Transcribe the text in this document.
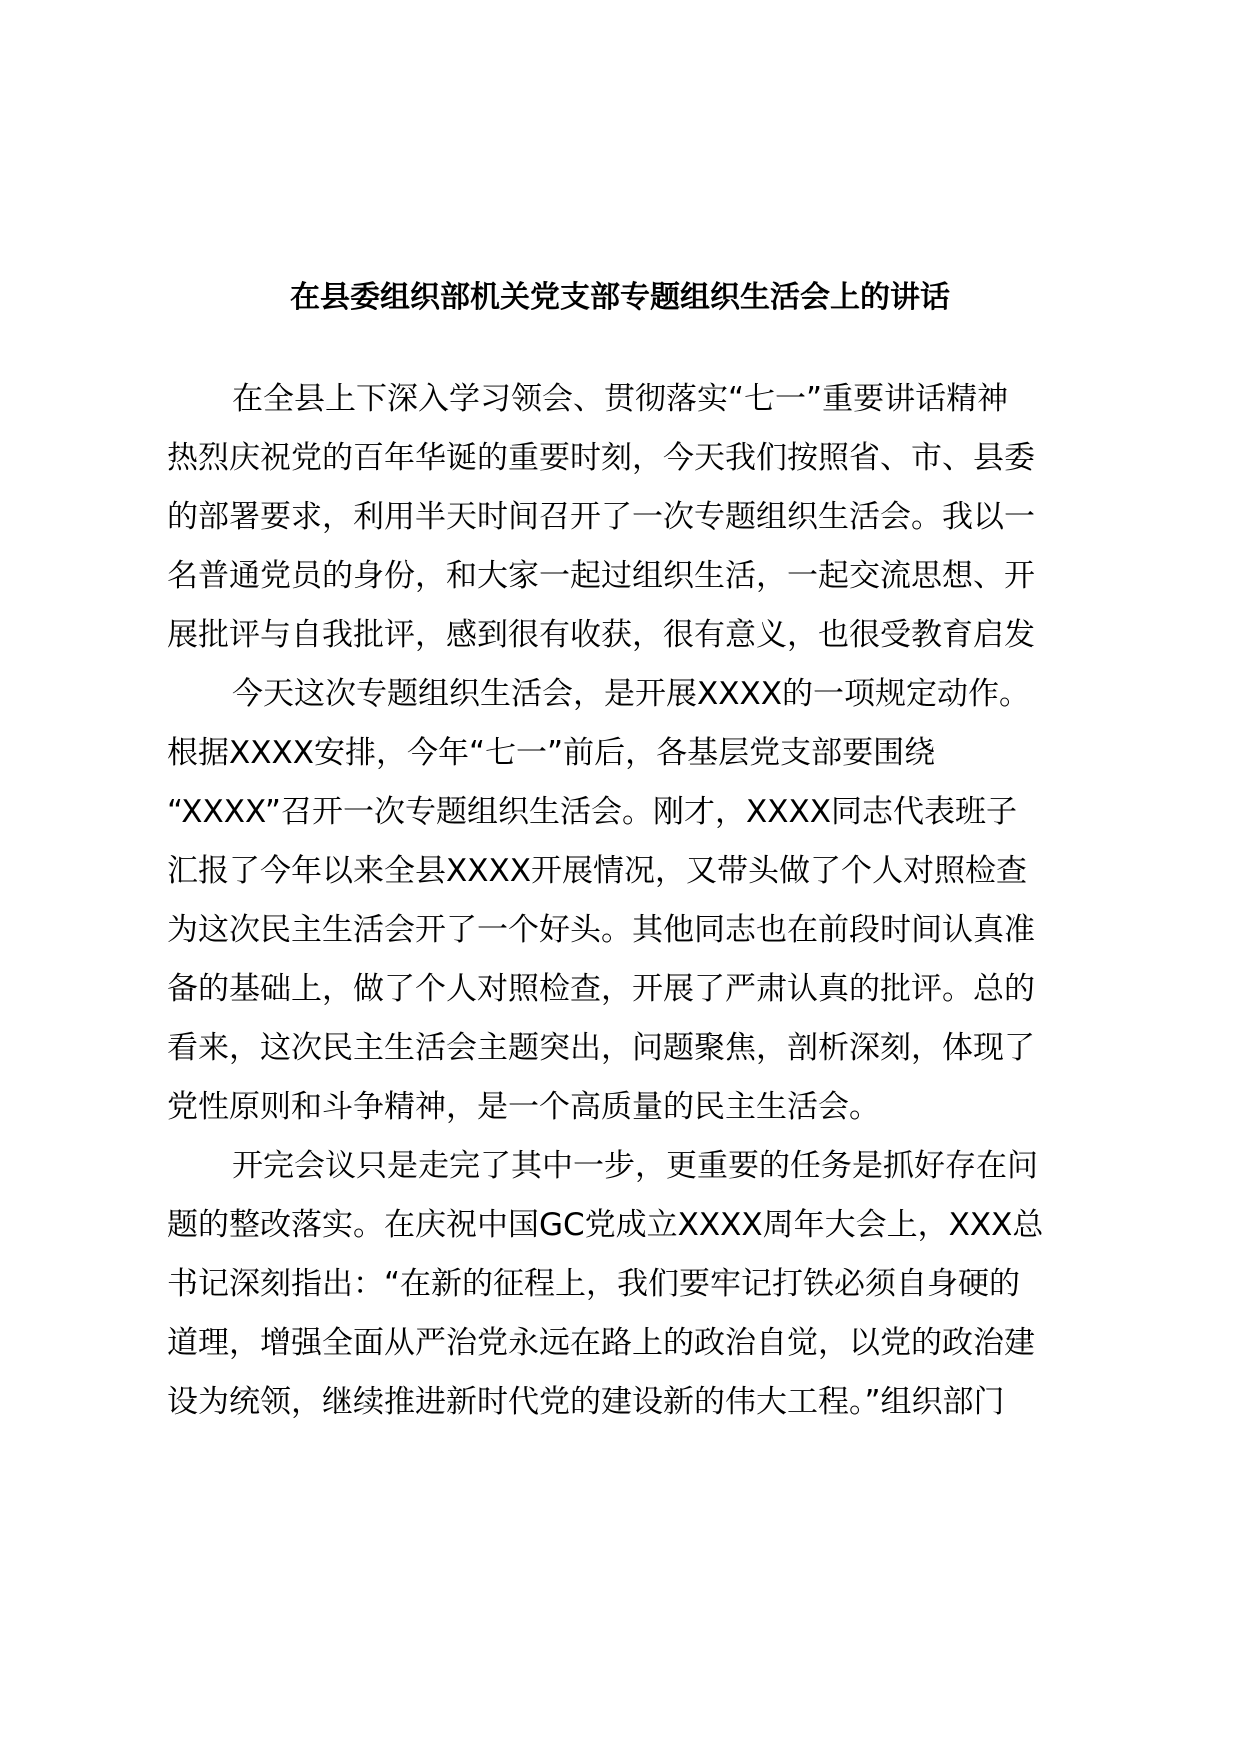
在县委组织部机关党支部专题组织生活会上的讲话
在全县上下深入学习领会、贯彻落实“七一”重要讲话精神
热烈庆祝党的百年华诞的重要时刻，今天我们按照省、市、县委
的部署要求，利用半天时间召开了一次专题组织生活会。我以一
名普通党员的身份，和大家一起过组织生活，一起交流思想、开
展批评与自我批评，感到很有收获，很有意义，也很受教育启发
今天这次专题组织生活会，是开展XXXX的一项规定动作。
根据XXXX安排，今年“七一”前后，各基层党支部要围绕
“XXXX”召开一次专题组织生活会。刚才，XXXX同志代表班子
汇报了今年以来全县XXXX开展情况，又带头做了个人对照检查
为这次民主生活会开了一个好头。其他同志也在前段时间认真准
备的基础上，做了个人对照检查，开展了严肃认真的批评。总的
看来，这次民主生活会主题突出，问题聚焦，剖析深刻，体现了
党性原则和斗争精神，是一个高质量的民主生活会。
开完会议只是走完了其中一步，更重要的任务是抓好存在问
题的整改落实。在庆祝中国GC党成立XXXX周年大会上，XXX总
书记深刻指出：“在新的征程上，我们要牢记打铁必须自身硬的
道理，增强全面从严治党永远在路上的政治自觉，以党的政治建
设为统领，继续推进新时代党的建设新的伟大工程。”组织部门
